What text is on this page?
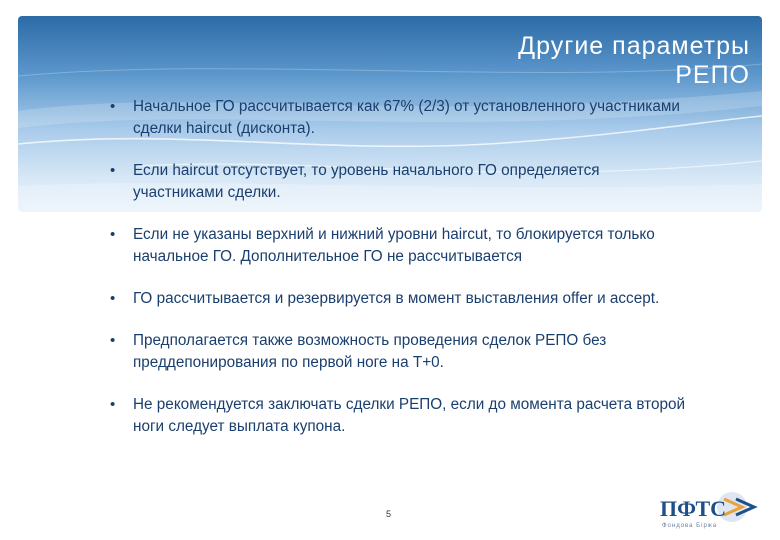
Другие параметры
РЕПО
• Начальное ГО рассчитывается как 67% (2/3) от установленного участниками сделки haircut (дисконта).
• Если haircut отсутствует, то уровень начального ГО определяется участниками сделки.
• Если не указаны верхний и нижний уровни haircut, то блокируется только начальное ГО. Дополнительное ГО не рассчитывается
• ГО рассчитывается и резервируется в момент выставления offer и accept.
• Предполагается также возможность проведения сделок РЕПО без преддепонирования по первой ноге на Т+0.
• Не рекомендуется заключать сделки РЕПО, если до момента расчета второй ноги следует выплата купона.
5	ПФТС
Фондова Біржа
